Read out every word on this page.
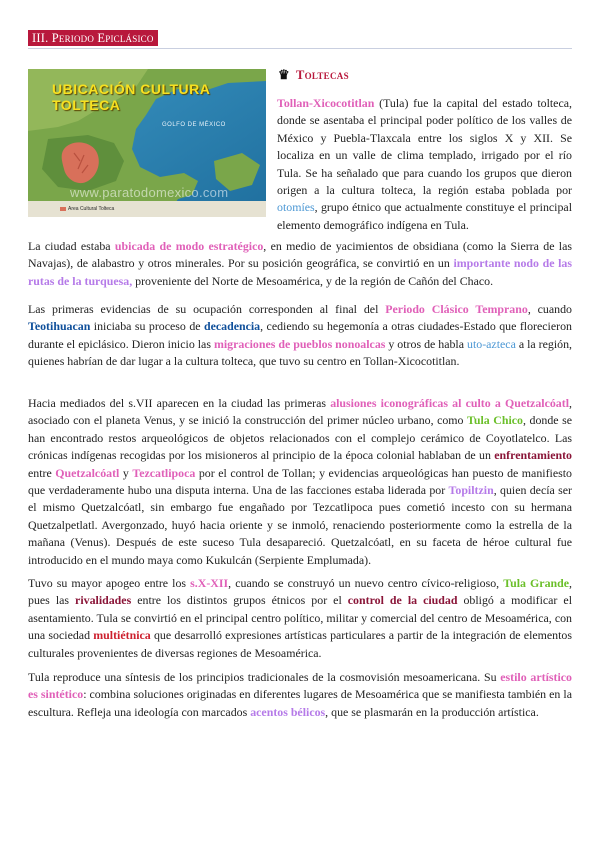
III. Periodo Epiclásico
UBICACIÓN CULTURA TOLTECA
GOLFO DE MÉXICO
www.paratodomexico.com
Area Cultural Tolteca
♛ Toltecas

Tollan-Xicocotitlan (Tula) fue la capital del estado tolteca, donde se asentaba el principal poder político de los valles de México y Puebla-Tlaxcala entre los siglos X y XII. Se localiza en un valle de clima templado, irrigado por el río Tula. Se ha señalado que para cuando los grupos que dieron origen a la cultura tolteca, la región estaba poblada por otomíes, grupo étnico que actualmente constituye el principal elemento demográfico indígena en Tula.

La ciudad estaba ubicada de modo estratégico, en medio de yacimientos de obsidiana (como la Sierra de las Navajas), de alabastro y otros minerales. Por su posición geográfica, se convirtió en un importante nodo de las rutas de la turquesa, proveniente del Norte de Mesoamérica, y de la región de Cañón del Chaco.

Las primeras evidencias de su ocupación corresponden al final del Periodo Clásico Temprano, cuando Teotihuacan iniciaba su proceso de decadencia, cediendo su hegemonía a otras ciudades-Estado que florecieron durante el epiclásico. Dieron inicio las migraciones de pueblos nonoalcas y otros de habla uto-azteca a la región, quienes habrían de dar lugar a la cultura tolteca, que tuvo su centro en Tollan-Xicocotitlan.

Hacia mediados del s.VII aparecen en la ciudad las primeras alusiones iconográficas al culto a Quetzalcóatl, asociado con el planeta Venus, y se inició la construcción del primer núcleo urbano, como Tula Chico, donde se han encontrado restos arqueológicos de objetos relacionados con el complejo cerámico de Coyotlatelco. Las crónicas indígenas recogidas por los misioneros al principio de la época colonial hablaban de un enfrentamiento entre Quetzalcóatl y Tezcatlipoca por el control de Tollan; y evidencias arqueológicas han puesto de manifiesto que verdaderamente hubo una disputa interna. Una de las facciones estaba liderada por Topiltzin, quien decía ser el mismo Quetzalcóatl, sin embargo fue engañado por Tezcatlipoca pues cometió incesto con su hermana Quetzalpetlatl. Avergonzado, huyó hacia oriente y se inmoló, renaciendo posteriormente como la estrella de la mañana (Venus). Después de este suceso Tula desapareció. Quetzalcóatl, en su faceta de héroe cultural fue introducido en el mundo maya como Kukulcán (Serpiente Emplumada).

Tuvo su mayor apogeo entre los s.X-XII, cuando se construyó un nuevo centro cívico-religioso, Tula Grande, pues las rivalidades entre los distintos grupos étnicos por el control de la ciudad obligó a modificar el asentamiento. Tula se convirtió en el principal centro político, militar y comercial del centro de Mesoamérica, con una sociedad multiétnica que desarrolló expresiones artísticas particulares a partir de la integración de elementos culturales provenientes de diversas regiones de Mesoamérica.

Tula reproduce una síntesis de los principios tradicionales de la cosmovisión mesoamericana. Su estilo artístico es sintético: combina soluciones originadas en diferentes lugares de Mesoamérica que se manifiesta también en la escultura. Refleja una ideología con marcados acentos bélicos, que se plasmarán en la producción artística.
